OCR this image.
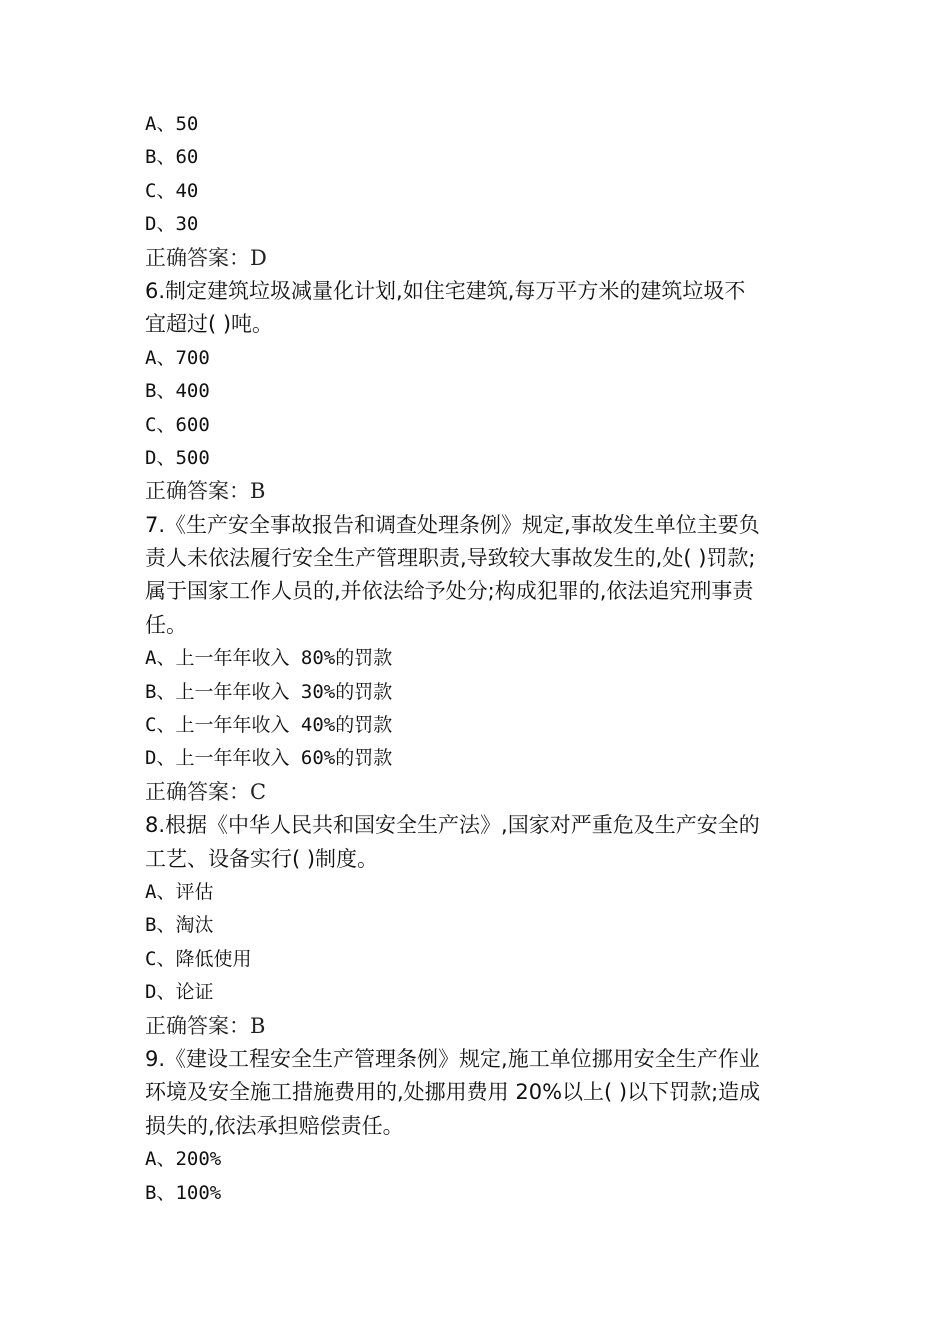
A、50
B、60
C、40
D、30
正确答案：D
6.制定建筑垃圾减量化计划,如住宅建筑,每万平方米的建筑垃圾不
宜超过( )吨。
A、700
B、400
C、600
D、500
正确答案：B
7.《生产安全事故报告和调查处理条例》规定,事故发生单位主要负
责人未依法履行安全生产管理职责,导致较大事故发生的,处( )罚款;
属于国家工作人员的,并依法给予处分;构成犯罪的,依法追究刑事责
任。
A、上一年年收入 80%的罚款
B、上一年年收入 30%的罚款
C、上一年年收入 40%的罚款
D、上一年年收入 60%的罚款
正确答案：C
8.根据《中华人民共和国安全生产法》,国家对严重危及生产安全的
工艺、设备实行( )制度。
A、评估
B、淘汰
C、降低使用
D、论证
正确答案：B
9.《建设工程安全生产管理条例》规定,施工单位挪用安全生产作业
环境及安全施工措施费用的,处挪用费用 20%以上( )以下罚款;造成
损失的,依法承担赔偿责任。
A、200%
B、100%
